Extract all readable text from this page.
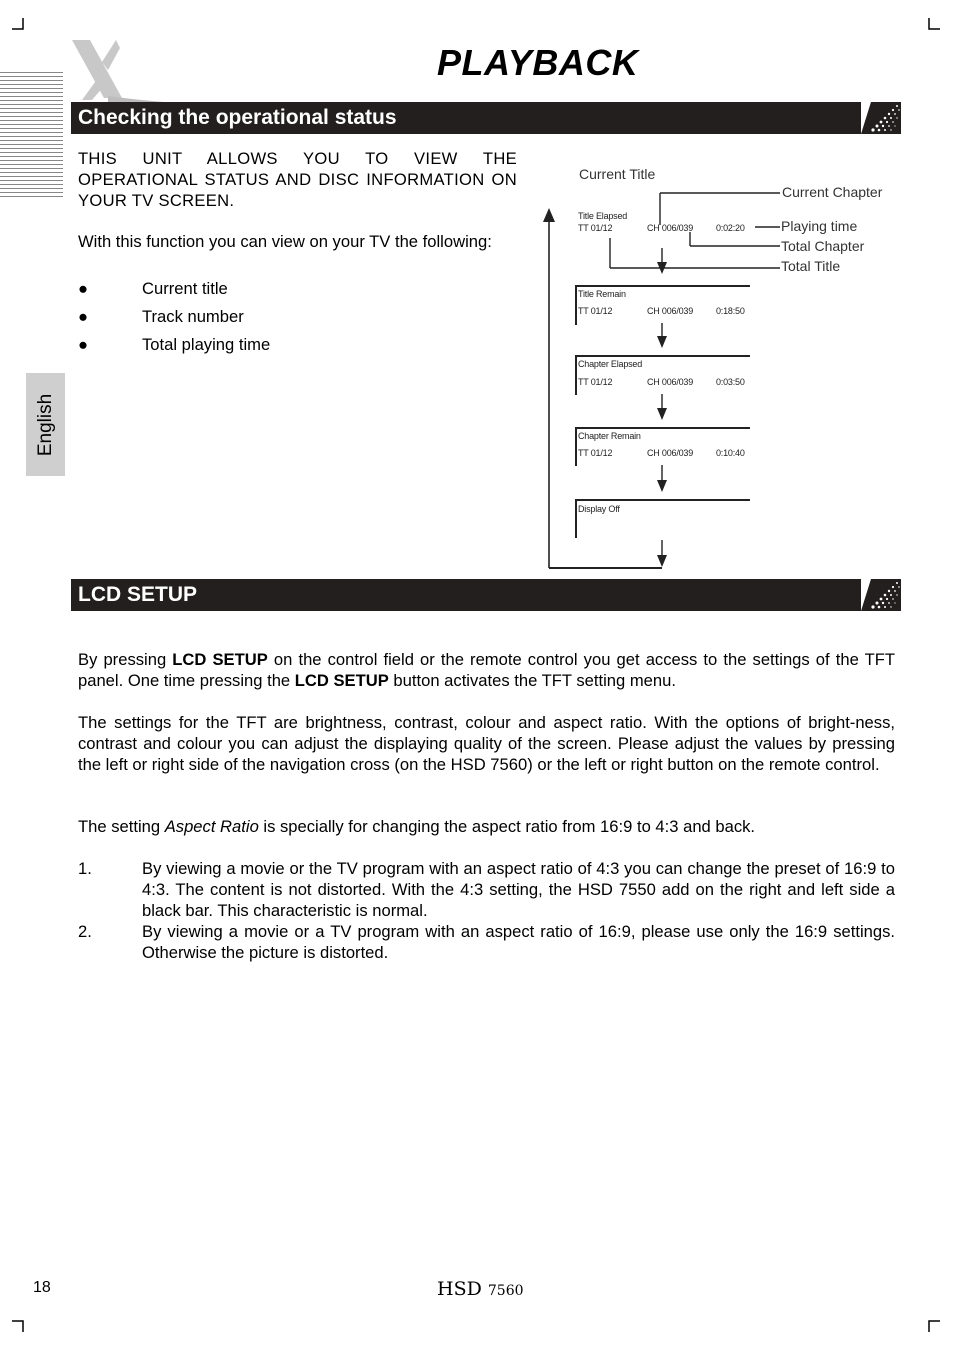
PLAYBACK
English
Checking the operational status
THIS UNIT ALLOWS YOU TO VIEW THE OPERATIONAL STATUS AND DISC INFORMATION ON YOUR TV SCREEN.
With this function you can view on your TV the following:
●	Current title
●	Track number
●	Total playing time
Current Title
Current Chapter
Playing time
Total Chapter
Total Title
Title Elapsed
TT 01/12	CH 006/039	0:02:20
Title Remain
TT 01/12	CH 006/039	0:18:50
Chapter Elapsed
TT 01/12	CH 006/039	0:03:50
Chapter Remain
TT 01/12	CH 006/039	0:10:40
Display Off
LCD SETUP
By pressing LCD SETUP on the control field or the remote control you get access to the settings of the TFT panel. One time pressing the LCD SETUP button activates the TFT setting menu.
The settings for the TFT are brightness, contrast, colour and aspect ratio. With the options of bright-ness, contrast and colour you can adjust the displaying quality of the screen. Please adjust the values by pressing the left or right side of the navigation cross (on the HSD 7560) or the left or right button on the remote control.
The setting Aspect Ratio is specially for changing the aspect ratio from 16:9 to 4:3 and back.
1.	By viewing a movie or the TV program with an aspect ratio of 4:3 you can change the preset of 16:9 to 4:3. The content is not distorted. With the 4:3 setting, the HSD 7550 add on the right and left side a black bar. This characteristic is normal.
2.	By viewing a movie or a TV program with an aspect ratio of 16:9, please use only the 16:9 settings. Otherwise the picture is distorted.
18	HSD 7560
